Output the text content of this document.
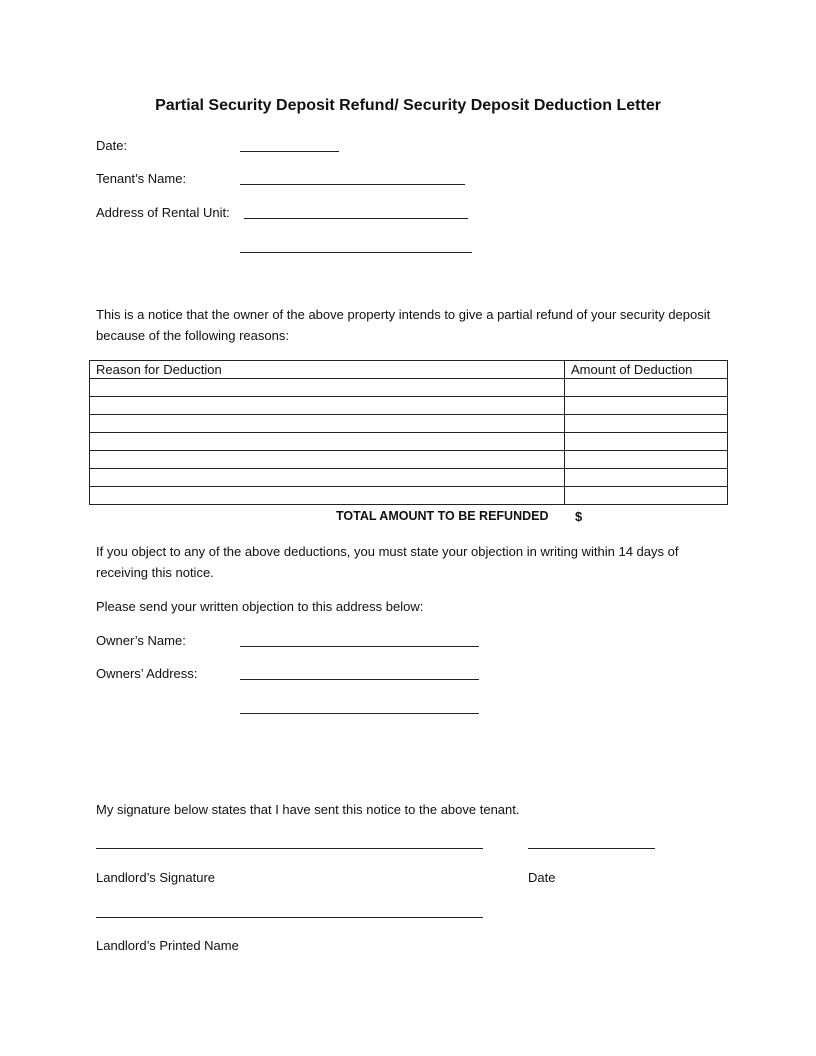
Partial Security Deposit Refund/ Security Deposit Deduction Letter
Date:
Tenant’s Name:
Address of Rental Unit:
This is a notice that the owner of the above property intends to give a partial refund of your security deposit because of the following reasons:
Reason for Deduction	Amount of Deduction

TOTAL AMOUNT TO BE REFUNDED $
If you object to any of the above deductions, you must state your objection in writing within 14 days of receiving this notice.
Please send your written objection to this address below:
Owner’s Name:
Owners’ Address:
My signature below states that I have sent this notice to the above tenant.
Landlord’s Signature	Date
Landlord’s Printed Name
